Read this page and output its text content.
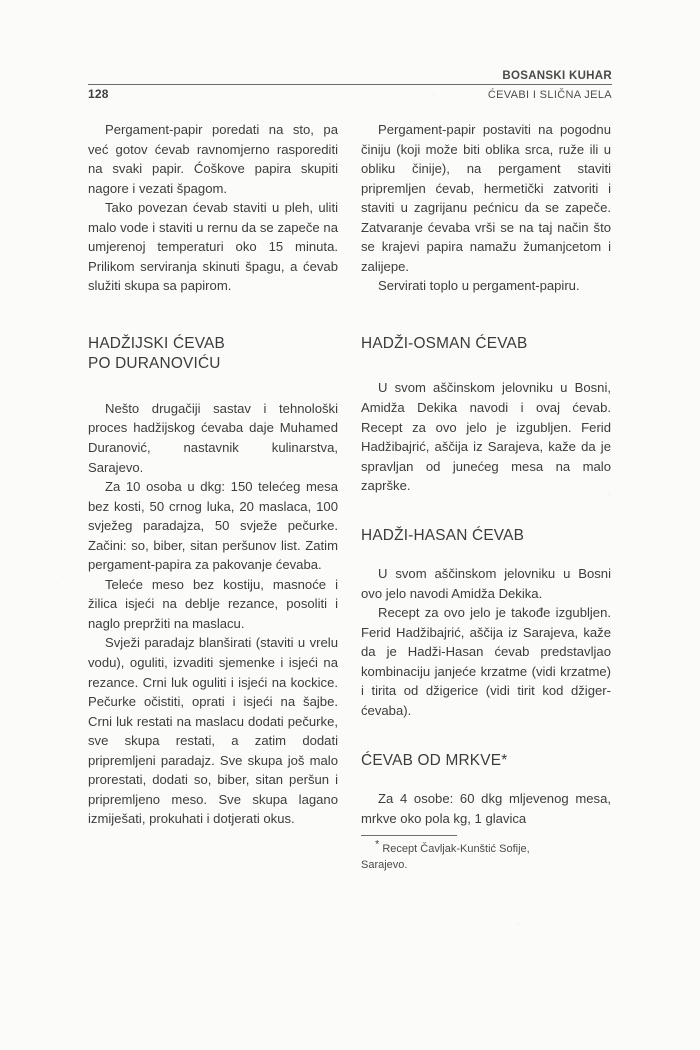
BOSANSKI KUHAR
128	ĆEVABI I SLIČNA JELA

Pergament-papir poredati na sto, pa već gotov ćevab ravnomjerno rasporediti na svaki papir. Ćoškove papira skupiti nagore i vezati špagom.

Tako povezan ćevab staviti u pleh, uliti malo vode i staviti u rernu da se zapeče na umjerenoj temperaturi oko 15 minuta. Prilikom serviranja skinuti špagu, a ćevab služiti skupa sa papirom.

HADŽIJSKI ĆEVAB
PO DURANOVIĆU

Nešto drugačiji sastav i tehnološki proces hadžijskog ćevaba daje Muhamed Duranović, nastavnik kulinarstva, Sarajevo.

Za 10 osoba u dkg: 150 telećeg mesa bez kosti, 50 crnog luka, 20 maslaca, 100 svježeg paradajza, 50 svježe pečurke. Začini: so, biber, sitan peršunov list. Zatim pergament-papira za pakovanje ćevaba.

Teleće meso bez kostiju, masnoće i žilica isjeći na deblje rezance, posoliti i naglo prepržiti na maslacu.

Svježi paradajz blanširati (staviti u vrelu vodu), oguliti, izvaditi sjemenke i isjeći na rezance. Crni luk oguliti i isjeći na kockice. Pečurke očistiti, oprati i isjeći na šajbe. Crni luk restati na maslacu dodati pečurke, sve skupa restati, a zatim dodati pripremljeni paradajz. Sve skupa još malo prorestati, dodati so, biber, sitan peršun i pripremljeno meso. Sve skupa lagano izmiješati, prokuhati i dotjerati okus.

Pergament-papir postaviti na pogodnu činiju (koji može biti oblika srca, ruže ili u obliku činije), na pergament staviti pripremljen ćevab, hermetički zatvoriti i staviti u zagrijanu pećnicu da se zapeče. Zatvaranje ćevaba vrši se na taj način što se krajevi papira namažu žumanjcetom i zalijepe.

Servirati toplo u pergament-papiru.

HADŽI-OSMAN ĆEVAB

U svom aščinskom jelovniku u Bosni, Amidža Dekika navodi i ovaj ćevab. Recept za ovo jelo je izgubljen. Ferid Hadžibajrić, aščija iz Sarajeva, kaže da je spravljan od junećeg mesa na malo zaprške.

HADŽI-HASAN ĆEVAB

U svom aščinskom jelovniku u Bosni ovo jelo navodi Amidža Dekika.

Recept za ovo jelo je takođe izgubljen. Ferid Hadžibajrić, aščija iz Sarajeva, kaže da je Hadži-Hasan ćevab predstavljao kombinaciju janjeće krzatme (vidi krzatme) i tirita od džigerice (vidi tirit kod džiger-ćevaba).

ĆEVAB OD MRKVE*

Za 4 osobe: 60 dkg mljevenog mesa, mrkve oko pola kg, 1 glavica

* Recept Čavljak-Kunštić Sofije,

Sarajevo.
